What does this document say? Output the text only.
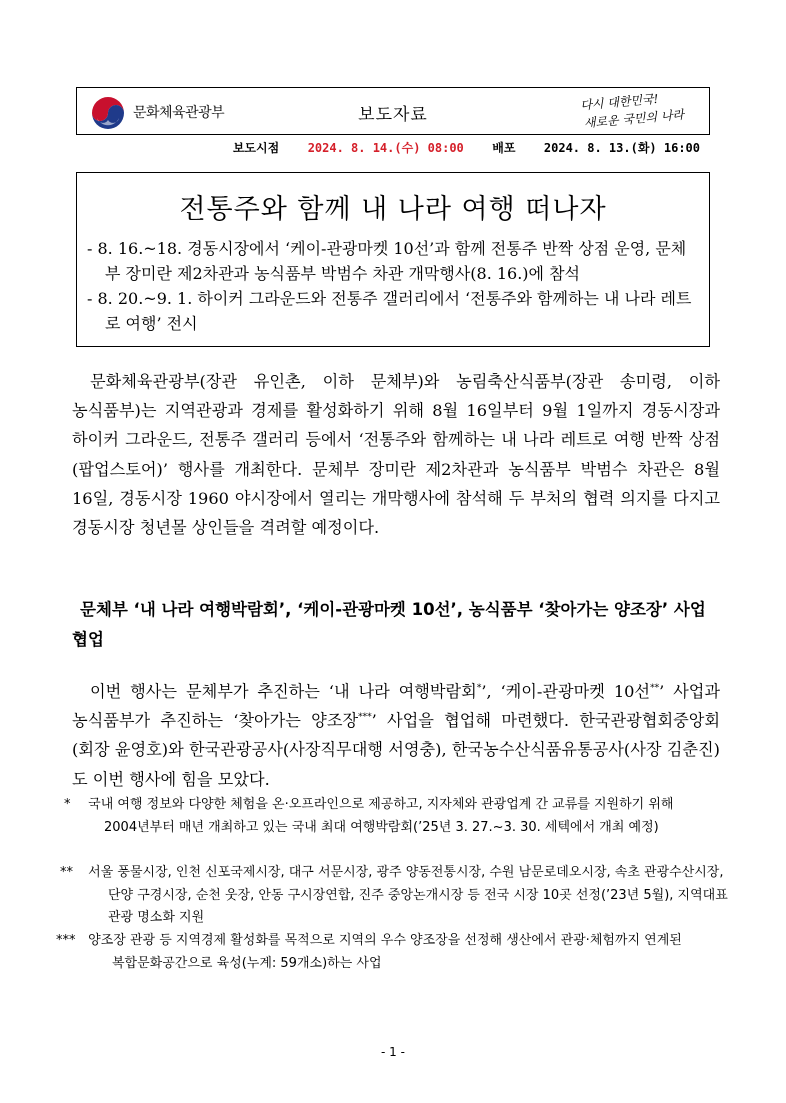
문화체육관광부	보도자료
다시 대한민국!
새로운 국민의 나라
보도시점 2024. 8. 14.(수) 08:00 배포 2024. 8. 13.(화) 16:00
전통주와 함께 내 나라 여행 떠나자
- 8. 16.~18. 경동시장에서 ‘케이-관광마켓 10선’과 함께 전통주 반짝 상점 운영, 문체부 장미란 제2차관과 농식품부 박범수 차관 개막행사(8. 16.)에 참석
- 8. 20.~9. 1. 하이커 그라운드와 전통주 갤러리에서 ‘전통주와 함께하는 내 나라 레트로 여행’ 전시
문화체육관광부(장관 유인촌, 이하 문체부)와 농림축산식품부(장관 송미령, 이하 농식품부)는 지역관광과 경제를 활성화하기 위해 8월 16일부터 9월 1일까지 경동시장과 하이커 그라운드, 전통주 갤러리 등에서 ‘전통주와 함께하는 내 나라 레트로 여행 반짝 상점(팝업스토어)’ 행사를 개최한다. 문체부 장미란 제2차관과 농식품부 박범수 차관은 8월 16일, 경동시장 1960 야시장에서 열리는 개막행사에 참석해 두 부처의 협력 의지를 다지고 경동시장 청년몰 상인들을 격려할 예정이다.
문체부 ‘내 나라 여행박람회’, ‘케이-관광마켓 10선’, 농식품부 ‘찾아가는 양조장’ 사업 협업
이번 행사는 문체부가 추진하는 ‘내 나라 여행박람회*’, ‘케이-관광마켓 10선**’ 사업과 농식품부가 추진하는 ‘찾아가는 양조장***’ 사업을 협업해 마련했다. 한국관광협회중앙회(회장 윤영호)와 한국관광공사(사장직무대행 서영충), 한국농수산식품유통공사(사장 김춘진)도 이번 행사에 힘을 모았다.
* 국내 여행 정보와 다양한 체험을 온·오프라인으로 제공하고, 지자체와 관광업계 간 교류를 지원하기 위해 2004년부터 매년 개최하고 있는 국내 최대 여행박람회(’25년 3. 27.~3. 30. 세텍에서 개최 예정)
** 서울 풍물시장, 인천 신포국제시장, 대구 서문시장, 광주 양동전통시장, 수원 남문로데오시장, 속초 관광수산시장, 단양 구경시장, 순천 웃장, 안동 구시장연합, 진주 중앙논개시장 등 전국 시장 10곳 선정(’23년 5월), 지역대표 관광 명소화 지원
*** 양조장 관광 등 지역경제 활성화를 목적으로 지역의 우수 양조장을 선정해 생산에서 관광·체험까지 연계된 복합문화공간으로 육성(누계: 59개소)하는 사업
- 1 -
